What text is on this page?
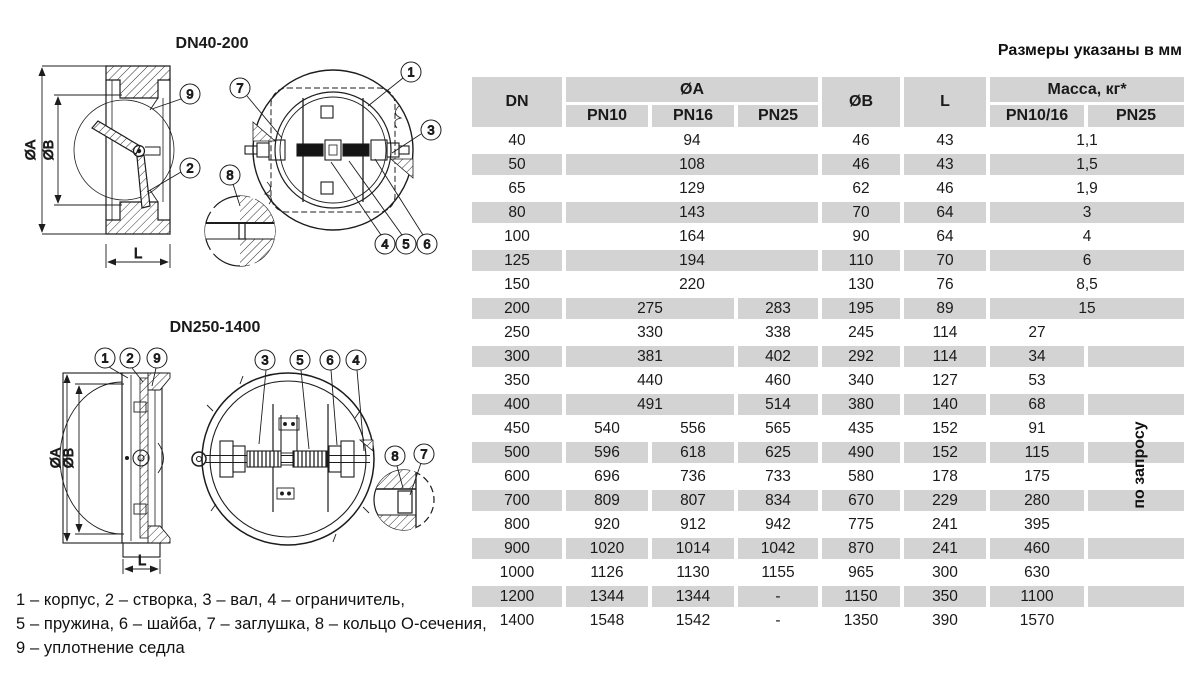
DN40-200
ØA ØB
L
9
2
1
7
3
8
4 5 6
DN250-1400
ØA
ØB
L
1 2 9	3 5 6 4
8 7
Размеры указаны в мм
DN	ØA			ØB	L	Масса, кг*	
	PN10	PN16	PN25			PN10/16	PN25
40	94			46	43	1,1	
50	108			46	43	1,5	
65	129			62	46	1,9	
80	143			70	64	3	
100	164			90	64	4	
125	194			110	70	6	
150	220			130	76	8,5	
200	275		283	195	89	15	
250	330		338	245	114	27	
300	381		402	292	114	34	
350	440		460	340	127	53	
400	491		514	380	140	68	
450	540	556	565	435	152	91	
500	596	618	625	490	152	115	
600	696	736	733	580	178	175	
700	809	807	834	670	229	280	
800	920	912	942	775	241	395	
900	1020	1014	1042	870	241	460	
1000	1126	1130	1155	965	300	630	
1200	1344	1344	-	1150	350	1100	
1400	1548	1542	-	1350	390	1570	
по запросу
1 – корпус, 2 – створка, 3 – вал, 4 – ограничитель,
5 – пружина, 6 – шайба, 7 – заглушка, 8 – кольцо О-сечения,
9 – уплотнение седла
